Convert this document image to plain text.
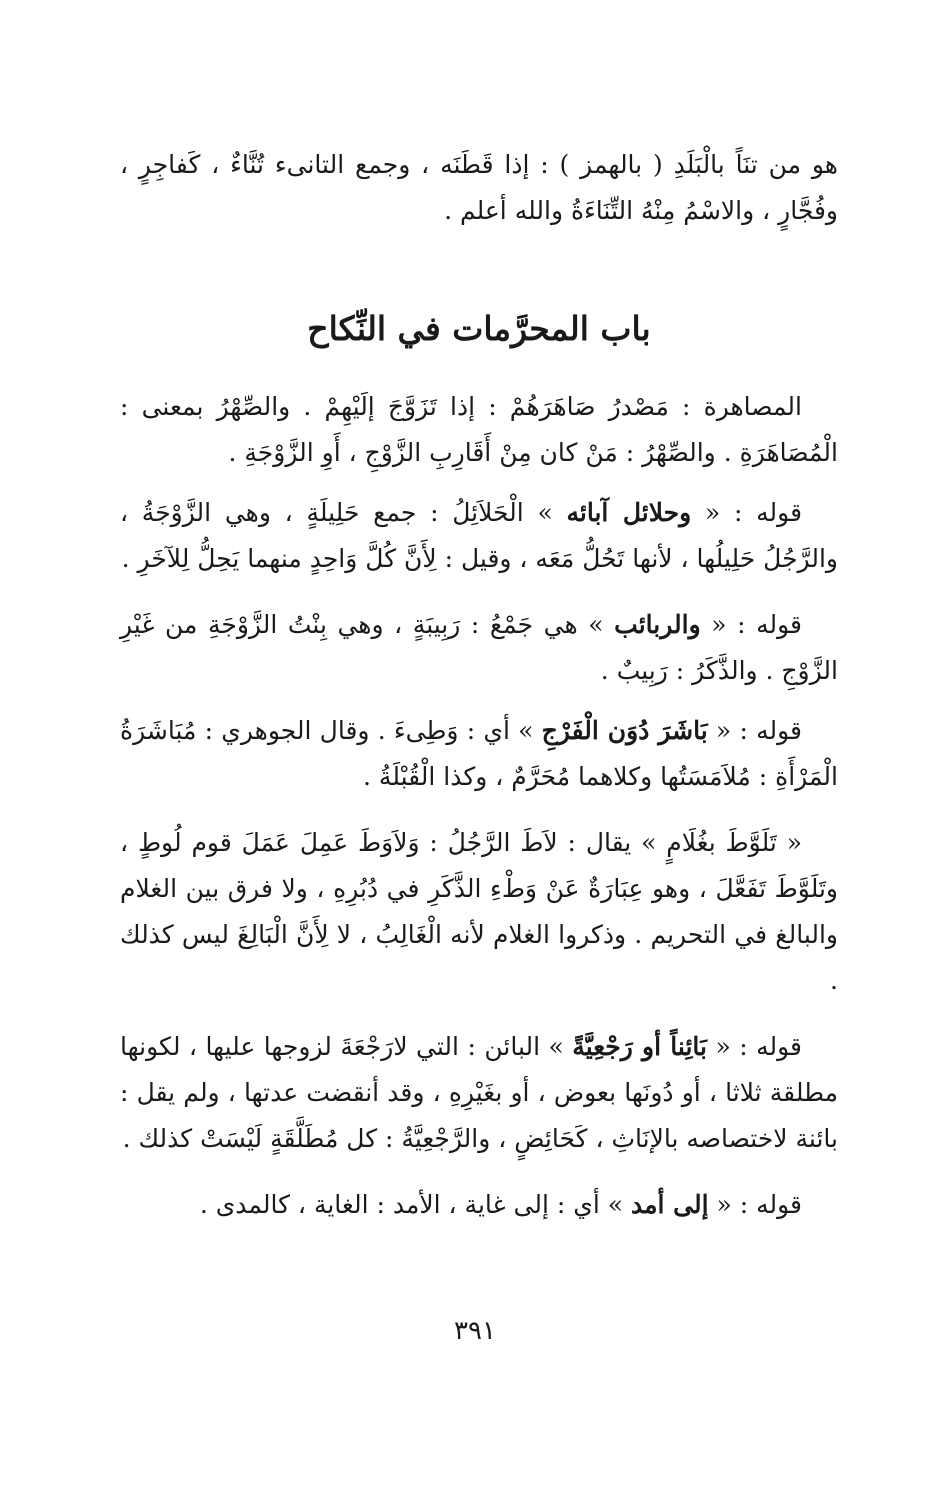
هو من تنَاً بالْبَلَدِ ( بالهمز ) : إذا قَطَنَه ، وجمع التانىء تُنَّاءٌ ، كَفاجِرٍ ، وفُجَّارٍ ، والاسْمُ مِنْهُ التِّنَاءَةُ والله أعلم .

باب المحرَّمات في النِّكاح

المصاهرة : مَصْدرُ صَاهَرَهُمْ : إذا تَزَوَّجَ إلَيْهِمْ . والصِّهْرُ بمعنى : الْمُصَاهَرَةِ . والصِّهْرُ : مَنْ كان مِنْ أَقَارِبِ الزَّوْجِ ، أَوِ الزَّوْجَةِ .

قوله : « وحلائل آبائه » الْحَلاَئِلُ : جمع حَلِيلَةٍ ، وهي الزَّوْجَةُ ، والرَّجُلُ حَلِيلُها ، لأنها تَحُلُّ مَعَه ، وقيل : لِأَنَّ كُلَّ وَاحِدٍ منهما يَحِلُّ لِلآخَرِ .

قوله : « والربائب » هي جَمْعُ : رَبِيبَةٍ ، وهي بِنْتُ الزَّوْجَةِ من غَيْرِ الزَّوْجِ . والذَّكَرُ : رَبِيبٌ .

قوله : « بَاشَرَ دُوَن الْفَرْجِ » أي : وَطِىءَ . وقال الجوهري : مُبَاشَرَةُ الْمَرْأَةِ : مُلاَمَسَتُها وكلاهما مُحَرَّمٌ ، وكذا الْقُبْلَةُ .

« تَلَوَّطَ بغُلَامٍ » يقال : لاَطَ الرَّجُلُ : وَلاَوَطَ عَمِلَ عَمَلَ قوم لُوطٍ ، وتَلَوَّطَ تَفَعَّلَ ، وهو عِبَارَةٌ عَنْ وَطْءِ الذَّكَرِ في دُبُرِهِ ، ولا فرق بين الغلام والبالغ في التحريم . وذكروا الغلام لأنه الْغَالِبُ ، لا لِأَنَّ الْبَالِغَ ليس كذلك .

قوله : « بَائِناً أو رَجْعِيَّةً » البائن : التي لارَجْعَةَ لزوجها عليها ، لكونها مطلقة ثلاثا ، أو دُونَها بعوض ، أو بغَيْرِهِ ، وقد أنقضت عدتها ، ولم يقل : بائنة لاختصاصه بالإنَاثِ ، كَحَائِضٍ ، والرَّجْعِيَّةُ : كل مُطَلَّقَةٍ لَيْسَتْ كذلك .

قوله : « إلى أمد » أي : إلى غاية ، الأمد : الغاية ، كالمدى .

٣٩١
